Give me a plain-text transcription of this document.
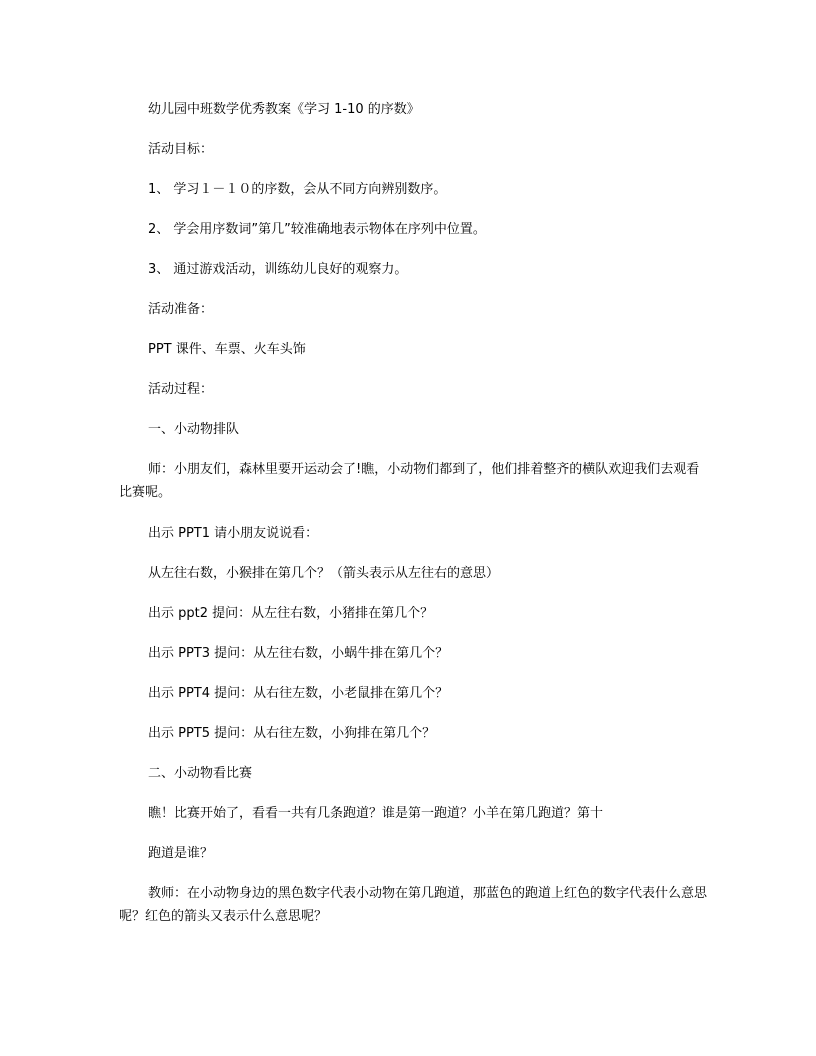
幼儿园中班数学优秀教案《学习 1-10 的序数》
活动目标：
1、 学习１－１０的序数，会从不同方向辨别数序。
2、 学会用序数词”第几”较准确地表示物体在序列中位置。
3、 通过游戏活动，训练幼儿良好的观察力。
活动准备：
PPT 课件、车票、火车头饰
活动过程：
一、小动物排队
师：小朋友们，森林里要开运动会了!瞧，小动物们都到了，他们排着整齐的横队欢迎我们去观看比赛呢。
出示 PPT1 请小朋友说说看：
从左往右数，小猴排在第几个？（箭头表示从左往右的意思）
出示 ppt2 提问：从左往右数，小猪排在第几个？
出示 PPT3 提问：从左往右数，小蜗牛排在第几个？
出示 PPT4 提问：从右往左数，小老鼠排在第几个？
出示 PPT5 提问：从右往左数，小狗排在第几个？
二、小动物看比赛
瞧！比赛开始了，看看一共有几条跑道？谁是第一跑道？小羊在第几跑道？第十
跑道是谁？
教师：在小动物身边的黑色数字代表小动物在第几跑道，那蓝色的跑道上红色的数字代表什么意思呢？红色的箭头又表示什么意思呢？
